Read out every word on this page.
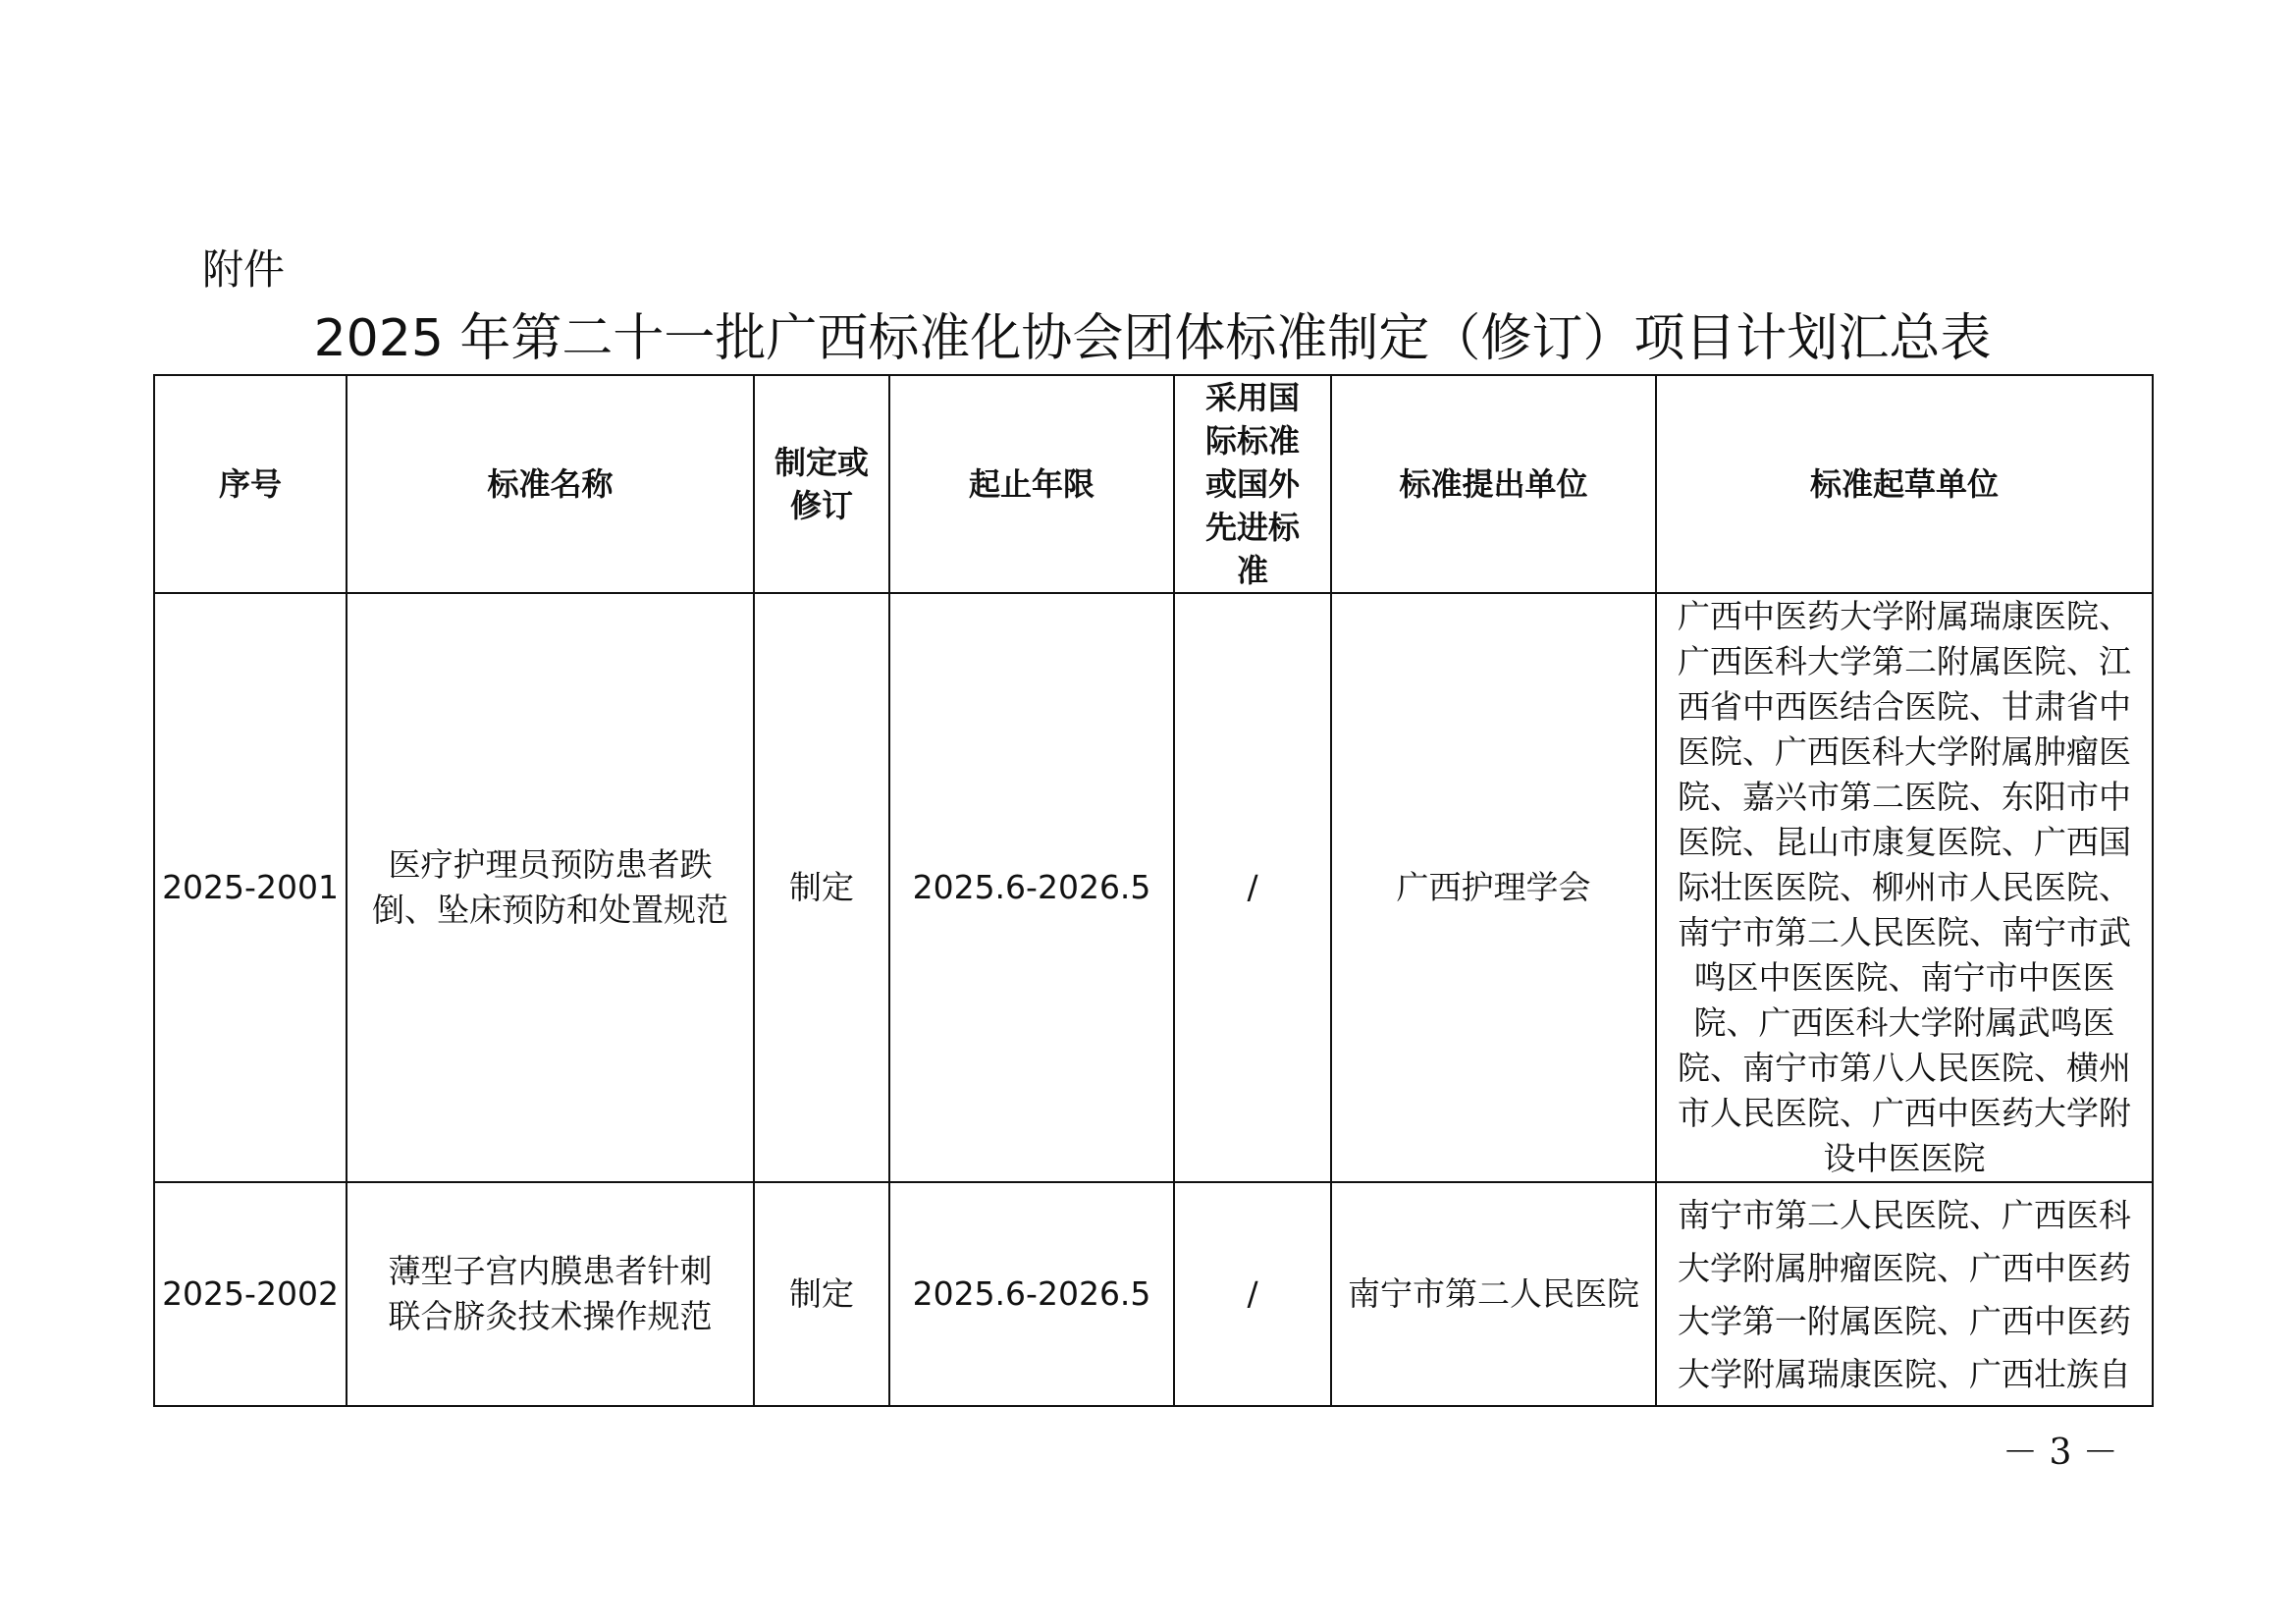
附件
2025 年第二十一批广西标准化协会团体标准制定（修订）项目计划汇总表
序号	标准名称	制定或修订	起止年限	采用国际标准或国外先进标准	标准提出单位	标准起草单位
2025-2001	医疗护理员预防患者跌倒、坠床预防和处置规范	制定	2025.6-2026.5	/	广西护理学会	广西中医药大学附属瑞康医院、广西医科大学第二附属医院、江西省中西医结合医院、甘肃省中医院、广西医科大学附属肿瘤医院、嘉兴市第二医院、东阳市中医院、昆山市康复医院、广西国际壮医医院、柳州市人民医院、南宁市第二人民医院、南宁市武鸣区中医医院、南宁市中医医院、广西医科大学附属武鸣医院、南宁市第八人民医院、横州市人民医院、广西中医药大学附设中医医院
2025-2002	薄型子宫内膜患者针刺联合脐灸技术操作规范	制定	2025.6-2026.5	/	南宁市第二人民医院	南宁市第二人民医院、广西医科大学附属肿瘤医院、广西中医药大学第一附属医院、广西中医药大学附属瑞康医院、广西壮族自
－ 3 －
